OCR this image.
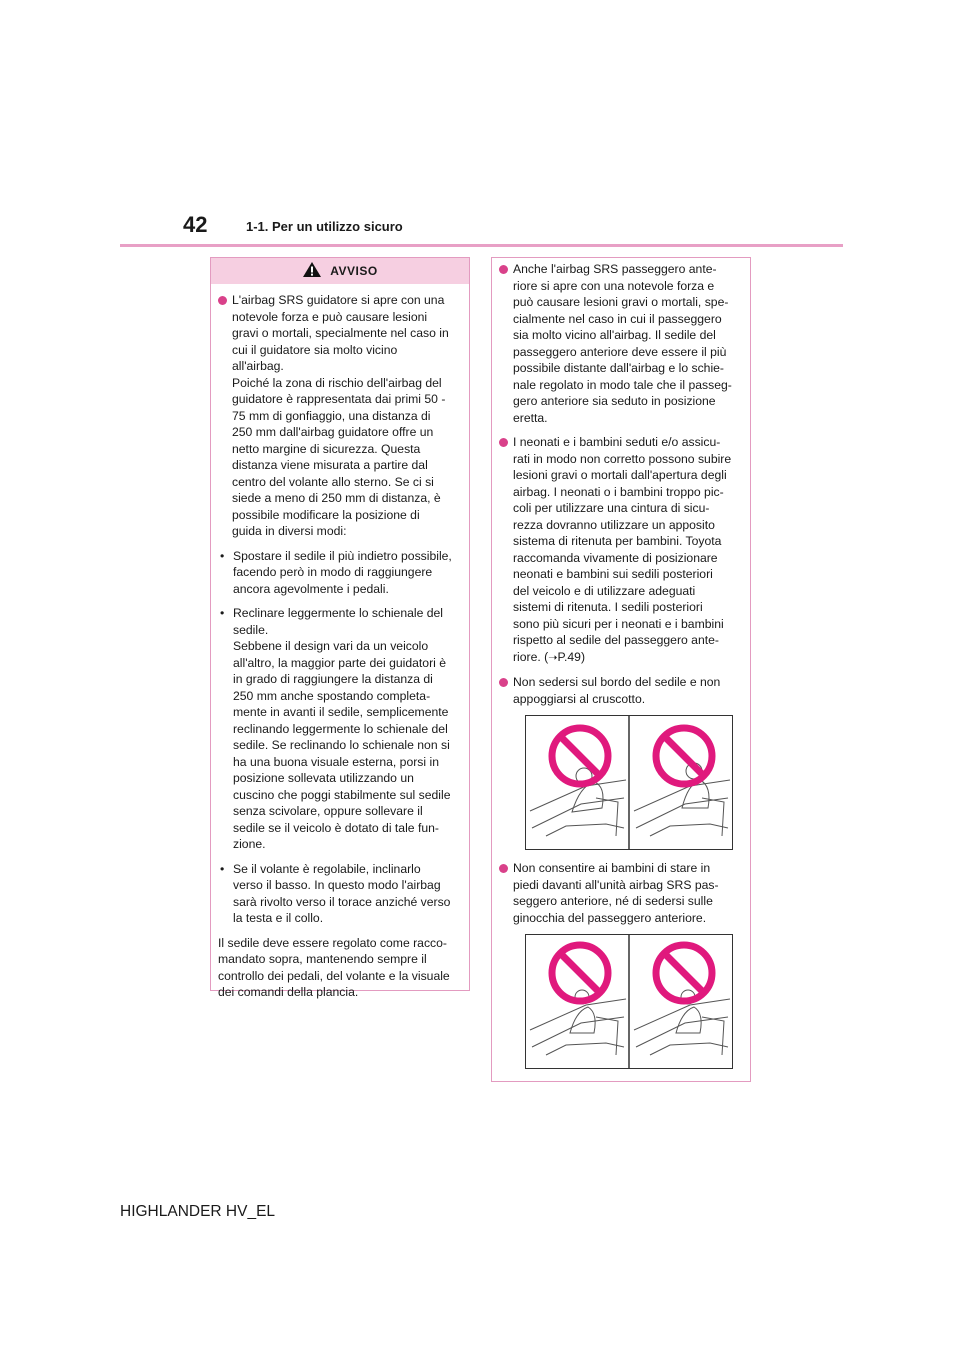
42	1-1. Per un utilizzo sicuro
AVVISO
L'airbag SRS guidatore si apre con una
notevole forza e può causare lesioni
gravi o mortali, specialmente nel caso in
cui il guidatore sia molto vicino
all'airbag.
Poiché la zona di rischio dell'airbag del
guidatore è rappresentata dai primi 50 -
75 mm di gonfiaggio, una distanza di
250 mm dall'airbag guidatore offre un
netto margine di sicurezza. Questa
distanza viene misurata a partire dal
centro del volante allo sterno. Se ci si
siede a meno di 250 mm di distanza, è
possibile modificare la posizione di
guida in diversi modi:
• Spostare il sedile il più indietro possibile,
facendo però in modo di raggiungere
ancora agevolmente i pedali.
• Reclinare leggermente lo schienale del
sedile.
Sebbene il design vari da un veicolo
all'altro, la maggior parte dei guidatori è
in grado di raggiungere la distanza di
250 mm anche spostando completa-
mente in avanti il sedile, semplicemente
reclinando leggermente lo schienale del
sedile. Se reclinando lo schienale non si
ha una buona visuale esterna, porsi in
posizione sollevata utilizzando un
cuscino che poggi stabilmente sul sedile
senza scivolare, oppure sollevare il
sedile se il veicolo è dotato di tale fun-
zione.
• Se il volante è regolabile, inclinarlo
verso il basso. In questo modo l'airbag
sarà rivolto verso il torace anziché verso
la testa e il collo.
Il sedile deve essere regolato come racco-
mandato sopra, mantenendo sempre il
controllo dei pedali, del volante e la visuale
dei comandi della plancia.
Anche l'airbag SRS passeggero ante-
riore si apre con una notevole forza e
può causare lesioni gravi o mortali, spe-
cialmente nel caso in cui il passeggero
sia molto vicino all'airbag. Il sedile del
passeggero anteriore deve essere il più
possibile distante dall'airbag e lo schie-
nale regolato in modo tale che il passeg-
gero anteriore sia seduto in posizione
eretta.
I neonati e i bambini seduti e/o assicu-
rati in modo non corretto possono subire
lesioni gravi o mortali dall'apertura degli
airbag. I neonati o i bambini troppo pic-
coli per utilizzare una cintura di sicu-
rezza dovranno utilizzare un apposito
sistema di ritenuta per bambini. Toyota
raccomanda vivamente di posizionare
neonati e bambini sui sedili posteriori
del veicolo e di utilizzare adeguati
sistemi di ritenuta. I sedili posteriori
sono più sicuri per i neonati e i bambini
rispetto al sedile del passeggero ante-
riore. (➝P.49)
Non sedersi sul bordo del sedile e non
appoggiarsi al cruscotto.
Non consentire ai bambini di stare in
piedi davanti all'unità airbag SRS pas-
seggero anteriore, né di sedersi sulle
ginocchia del passeggero anteriore.
HIGHLANDER HV_EL
